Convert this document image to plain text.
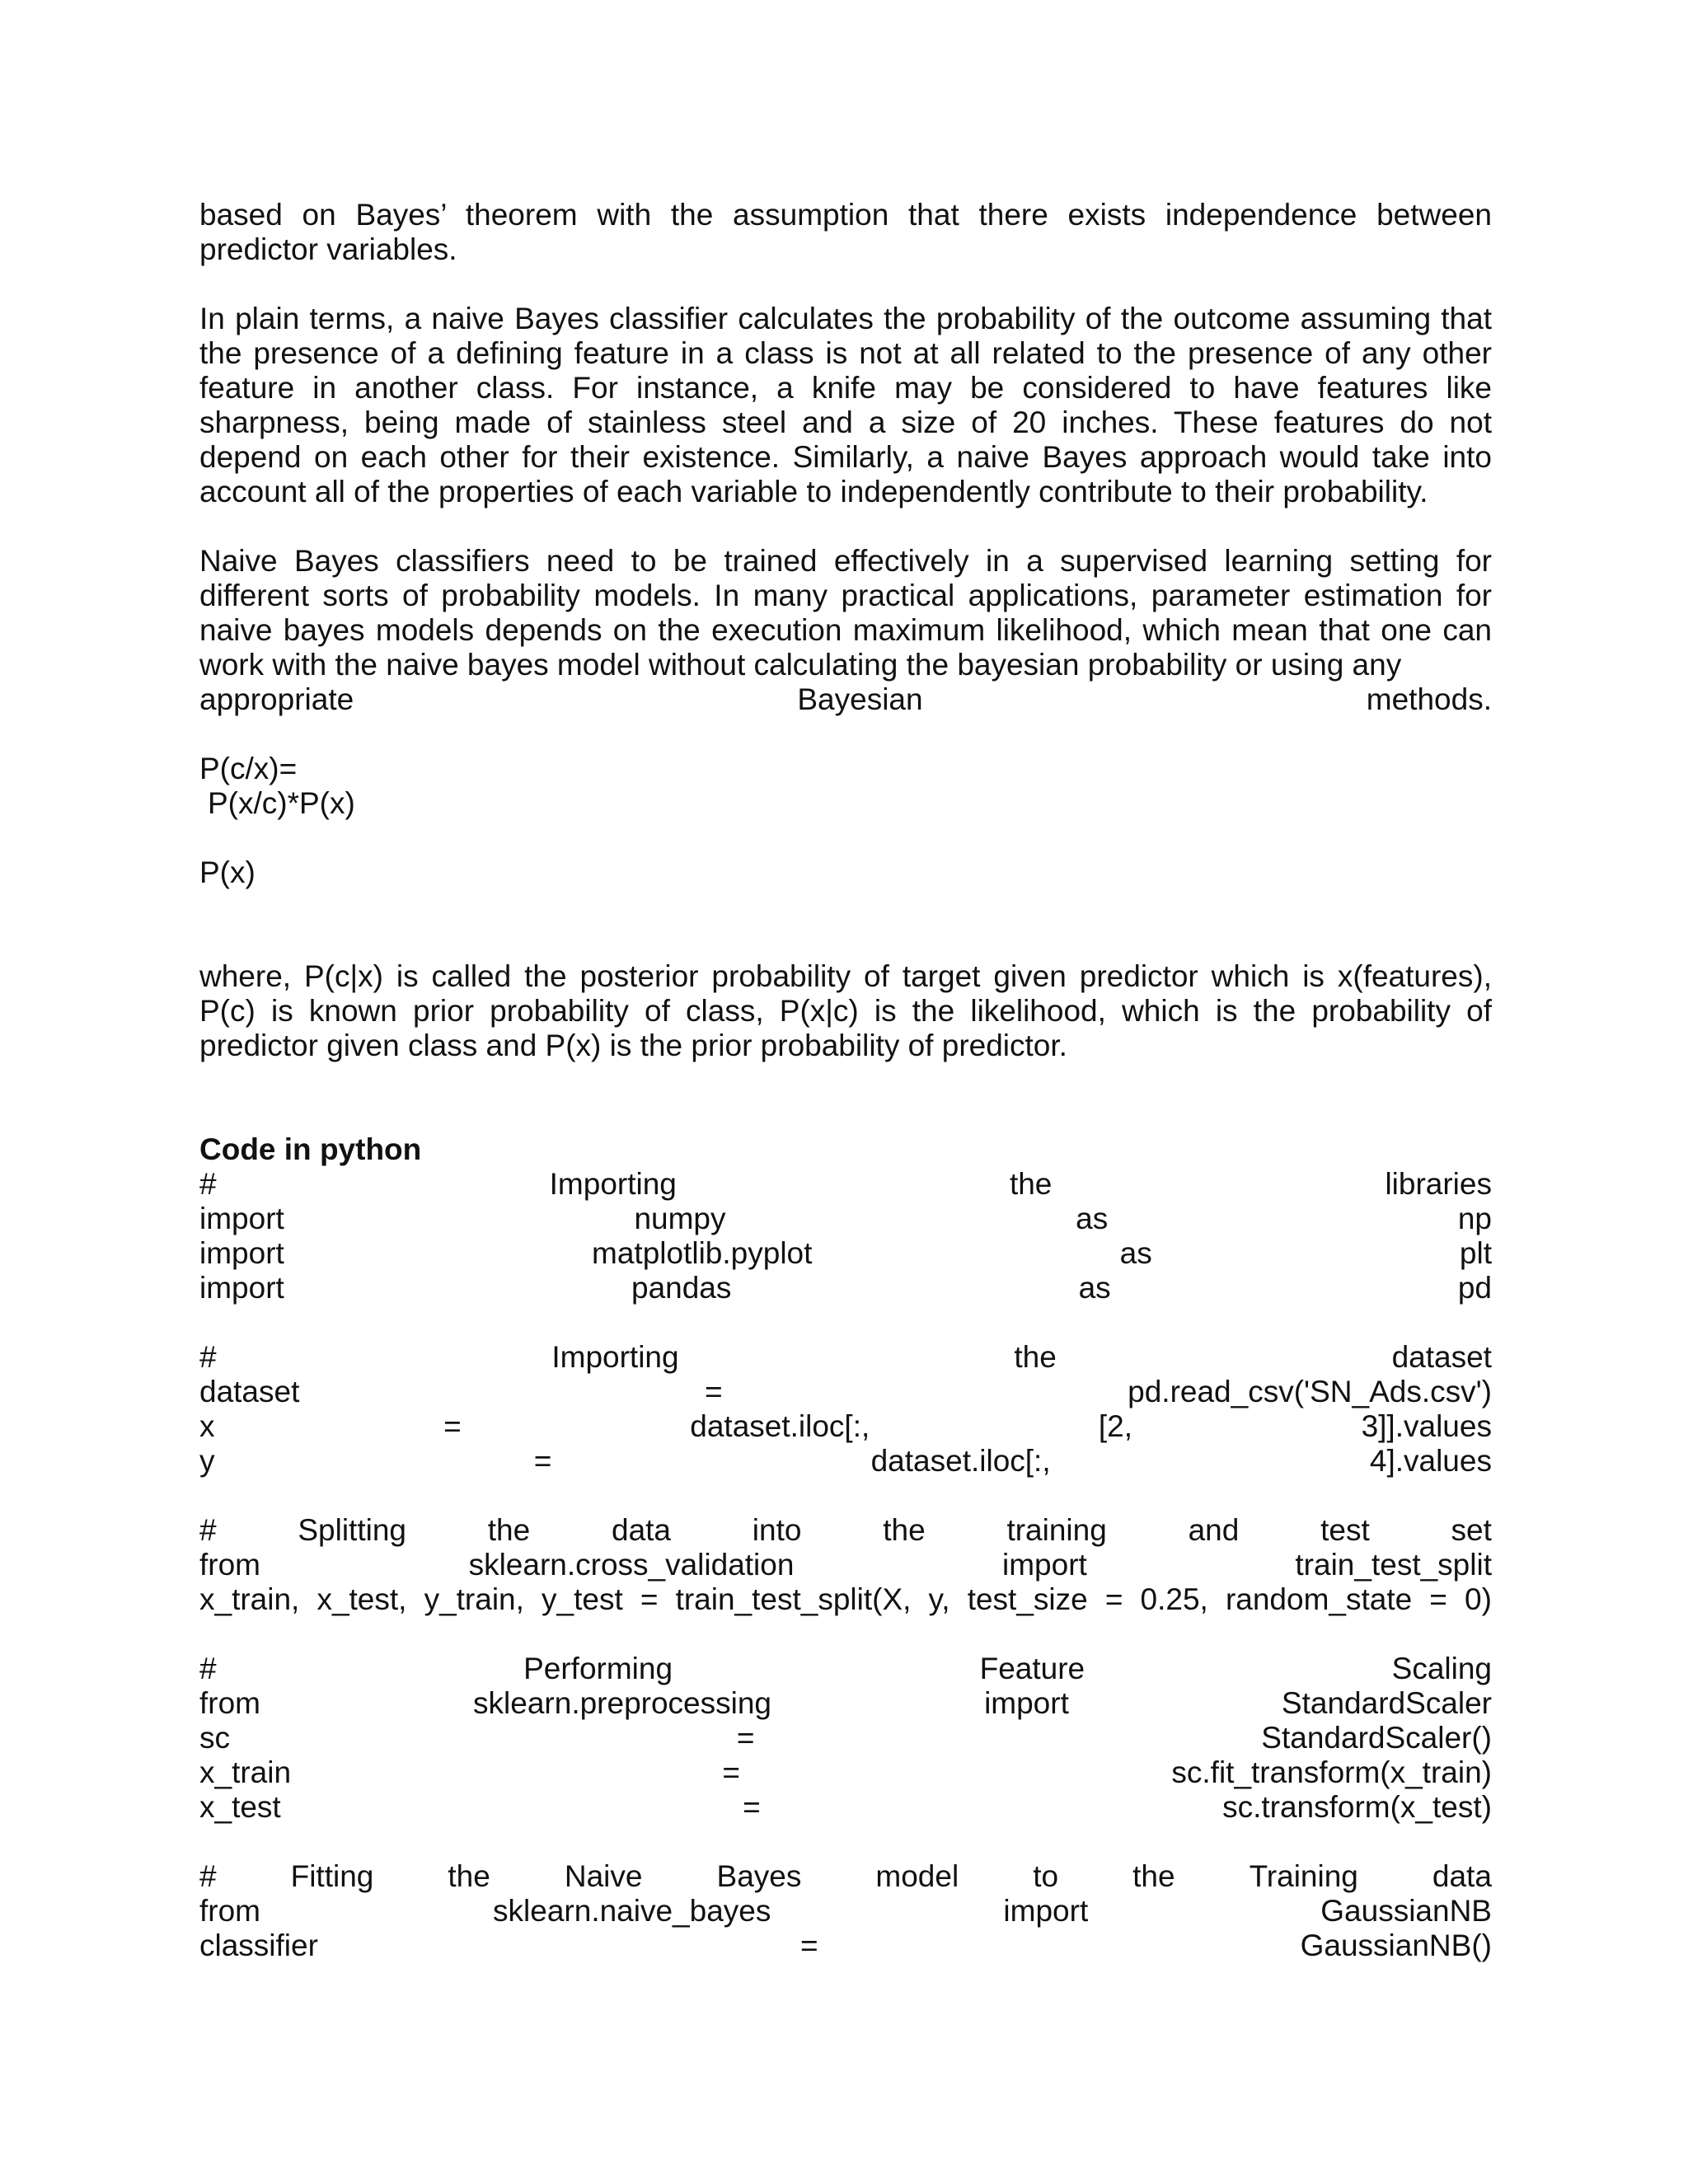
based on Bayes’ theorem with the assumption that there exists independence between predictor variables.

In plain terms, a naive Bayes classifier calculates the probability of the outcome assuming that the presence of a defining feature in a class is not at all related to the presence of any other feature in another class. For instance, a knife may be considered to have features like sharpness, being made of stainless steel and a size of 20 inches. These features do not depend on each other for their existence. Similarly, a naive Bayes approach would take into account all of the properties of each variable to independently contribute to their probability.

Naive Bayes classifiers need to be trained effectively in a supervised learning setting for different sorts of probability models. In many practical applications, parameter estimation for naive bayes models depends on the execution maximum likelihood, which mean that one can work with the naive bayes model without calculating the bayesian probability or using any

appropriate	Bayesian	methods.
P(c/x)=
P(x/c)*P(x)
P(x)

where, P(c|x) is called the posterior probability of target given predictor which is x(features), P(c) is known prior probability of class, P(x|c) is the likelihood, which is the probability of predictor given class and P(x) is the prior probability of predictor.

Code in python
#	Importing	the	libraries
import	numpy	as	np
import	matplotlib.pyplot	as	plt
import	pandas	as	pd
#	Importing	the	dataset
dataset	=	pd.read_csv('SN_Ads.csv')
x	=	dataset.iloc[:,	[2,	3]].values
y	=	dataset.iloc[:,	4].values
#	Splitting	the	data	into	the	training	and	test	set
from	sklearn.cross_validation	import	train_test_split
x_train, x_test, y_train, y_test = train_test_split(X, y, test_size = 0.25, random_state = 0)
#	Performing	Feature	Scaling
from	sklearn.preprocessing	import	StandardScaler
sc	=	StandardScaler()
x_train	=	sc.fit_transform(x_train)
x_test	=	sc.transform(x_test)
# Fitting the Naive Bayes model to the Training data
from	sklearn.naive_bayes	import	GaussianNB
classifier	=	GaussianNB()
